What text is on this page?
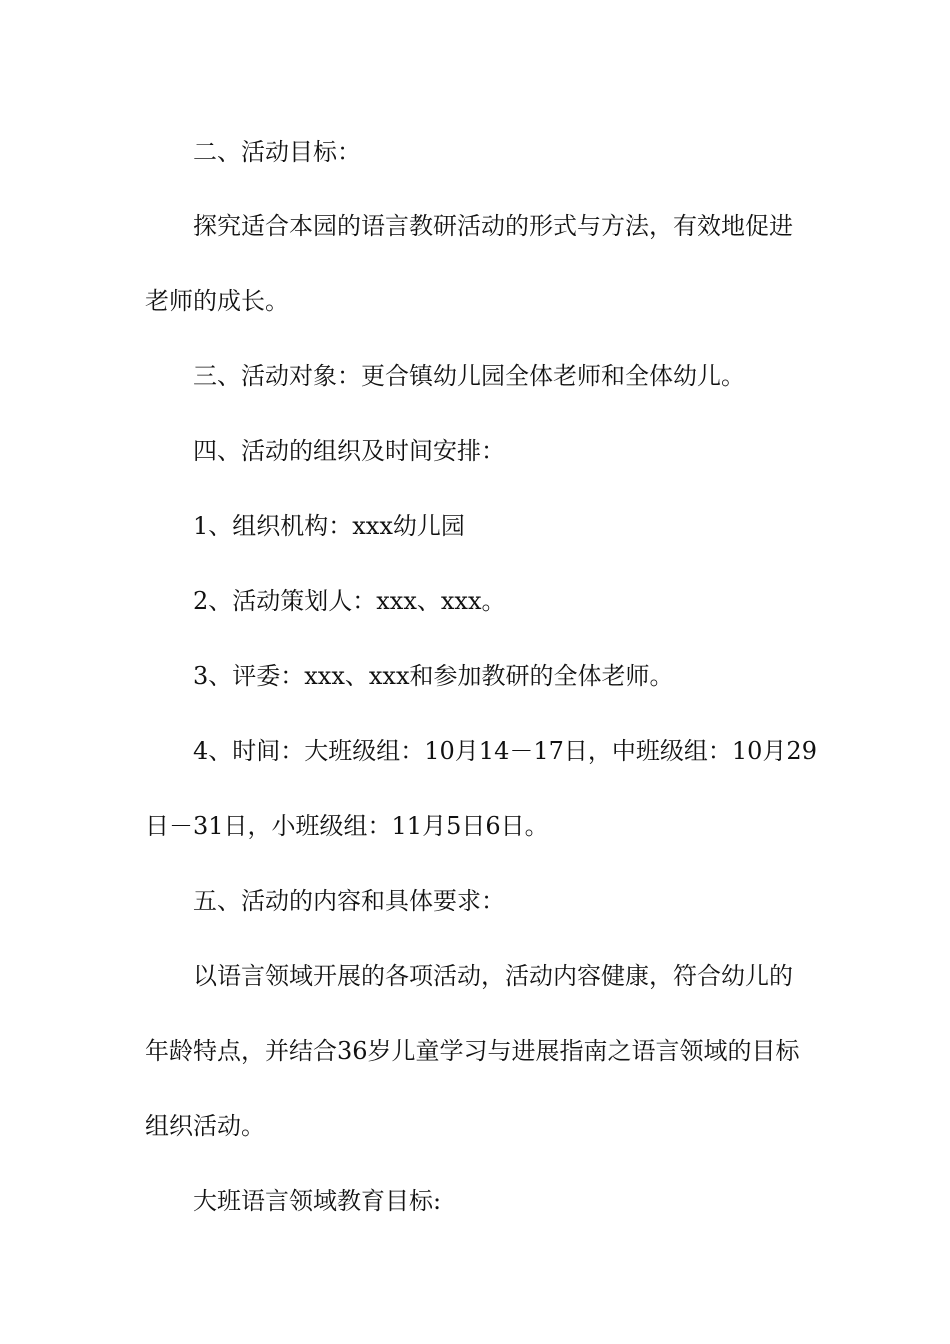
二、活动目标：
探究适合本园的语言教研活动的形式与方法，有效地促进
老师的成长。
三、活动对象：更合镇幼儿园全体老师和全体幼儿。
四、活动的组织及时间安排：
1、组织机构：xxx幼儿园
2、活动策划人：xxx、xxx。
3、评委：xxx、xxx和参加教研的全体老师。
4、时间：大班级组：10月14－17日，中班级组：10月29
日－31日，小班级组：11月5日6日。
五、活动的内容和具体要求：
以语言领域开展的各项活动，活动内容健康，符合幼儿的
年龄特点，并结合36岁儿童学习与进展指南之语言领域的目标
组织活动。
大班语言领域教育目标:
